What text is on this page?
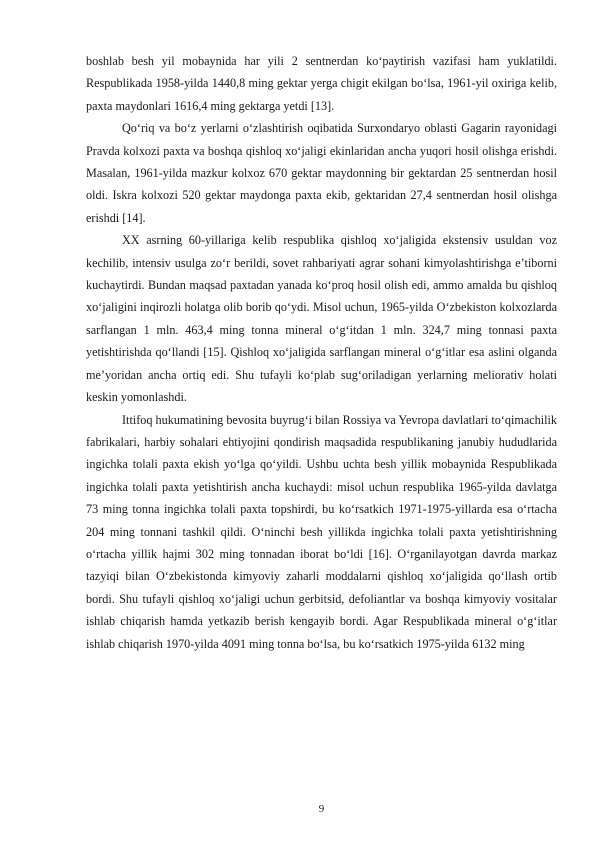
boshlab besh yil mobaynida har yili 2 sentnerdan ko‘paytirish vazifasi ham yuklatildi. Respublikada 1958-yilda 1440,8 ming gektar yerga chigit ekilgan bo‘lsa, 1961-yil oxiriga kelib, paxta maydonlari 1616,4 ming gektarga yetdi [13].

Qo‘riq va bo‘z yerlarni o‘zlashtirish oqibatida Surxondaryo oblasti Gagarin rayonidagi Pravda kolxozi paxta va boshqa qishloq xo‘jaligi ekinlaridan ancha yuqori hosil olishga erishdi. Masalan, 1961-yilda mazkur kolxoz 670 gektar maydonning bir gektardan 25 sentnerdan hosil oldi. Iskra kolxozi 520 gektar maydonga paxta ekib, gektaridan 27,4 sentnerdan hosil olishga erishdi [14].

XX asrning 60-yillariga kelib respublika qishloq xo‘jaligida ekstensiv usuldan voz kechilib, intensiv usulga zo‘r berildi, sovet rahbariyati agrar sohani kimyolashtirishga e’tiborni kuchaytirdi. Bundan maqsad paxtadan yanada ko‘proq hosil olish edi, ammo amalda bu qishloq xo‘jaligini inqirozli holatga olib borib qo‘ydi. Misol uchun, 1965-yilda O‘zbekiston kolxozlarda sarflangan 1 mln. 463,4 ming tonna mineral o‘g‘itdan 1 mln. 324,7 ming tonnasi paxta yetishtirishda qo‘llandi [15]. Qishloq xo‘jaligida sarflangan mineral o‘g‘itlar esa aslini olganda me’yoridan ancha ortiq edi. Shu tufayli ko‘plab sug‘oriladigan yerlarning meliorativ holati keskin yomonlashdi.

Ittifoq hukumatining bevosita buyrug‘i bilan Rossiya va Yevropa davlatlari to‘qimachilik fabrikalari, harbiy sohalari ehtiyojini qondirish maqsadida respublikaning janubiy hududlarida ingichka tolali paxta ekish yo‘lga qo‘yildi. Ushbu uchta besh yillik mobaynida Respublikada ingichka tolali paxta yetishtirish ancha kuchaydi: misol uchun respublika 1965-yilda davlatga 73 ming tonna ingichka tolali paxta topshirdi, bu ko‘rsatkich 1971-1975-yillarda esa o‘rtacha 204 ming tonnani tashkil qildi. O‘ninchi besh yillikda ingichka tolali paxta yetishtirishning o‘rtacha yillik hajmi 302 ming tonnadan iborat bo‘ldi [16]. O‘rganilayotgan davrda markaz tazyiqi bilan O‘zbekistonda kimyoviy zaharli moddalarni qishloq xo‘jaligida qo‘llash ortib bordi. Shu tufayli qishloq xo‘jaligi uchun gerbitsid, defoliantlar va boshqa kimyoviy vositalar ishlab chiqarish hamda yetkazib berish kengayib bordi. Agar Respublikada mineral o‘g‘itlar ishlab chiqarish 1970-yilda 4091 ming tonna bo‘lsa, bu ko‘rsatkich 1975-yilda 6132 ming

9
